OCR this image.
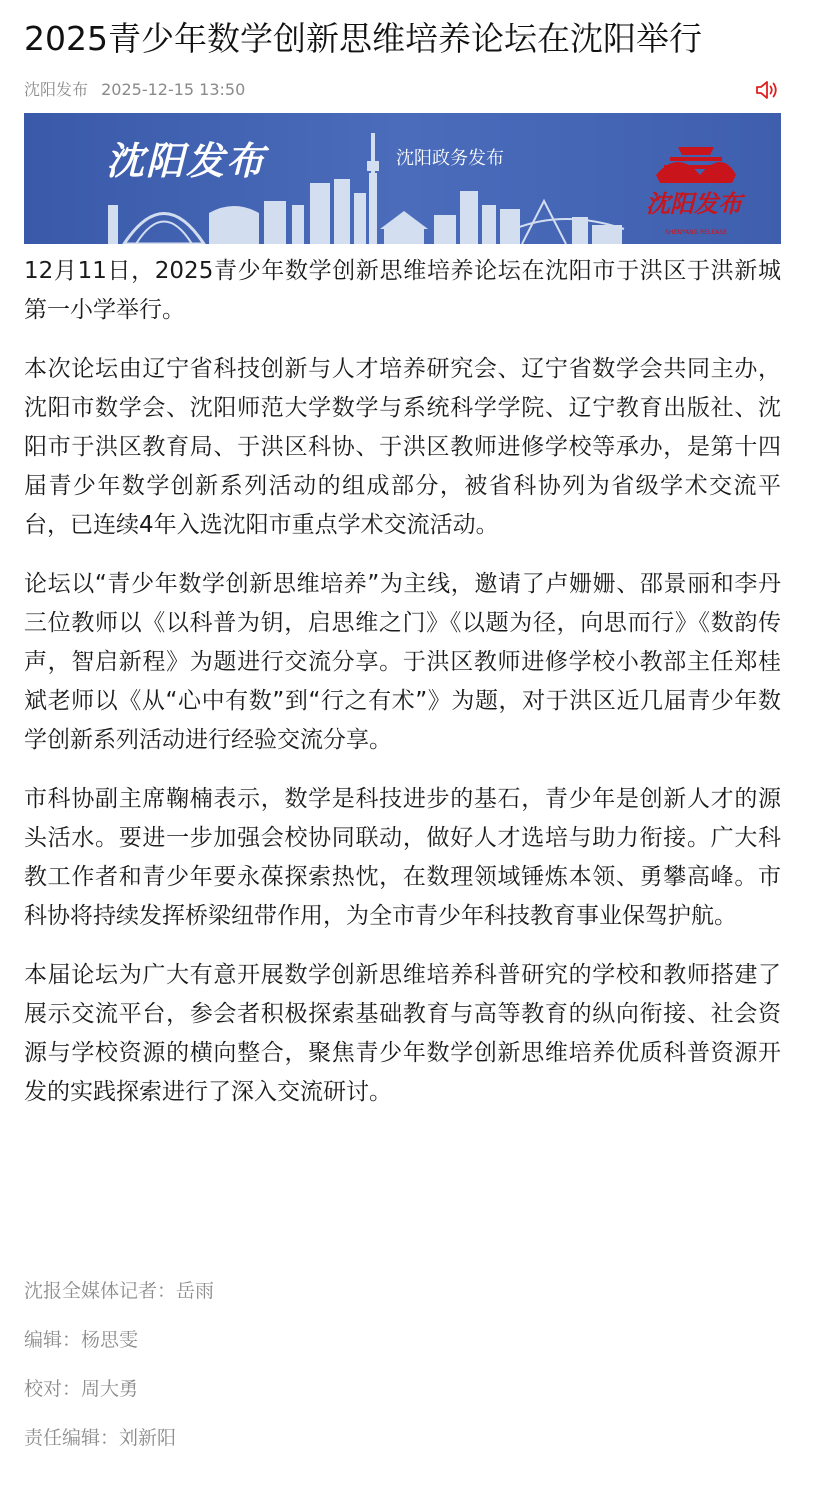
2025青少年数学创新思维培养论坛在沈阳举行
沈阳发布 2025-12-15 13:50
SHENYANG RELEASE
沈阳发布	沈阳政务发布
沈阳发布

12月11日，2025青少年数学创新思维培养论坛在沈阳市于洪区于洪新城第一小学举行。

本次论坛由辽宁省科技创新与人才培养研究会、辽宁省数学会共同主办，沈阳市数学会、沈阳师范大学数学与系统科学学院、辽宁教育出版社、沈阳市于洪区教育局、于洪区科协、于洪区教师进修学校等承办，是第十四届青少年数学创新系列活动的组成部分，被省科协列为省级学术交流平台，已连续4年入选沈阳市重点学术交流活动。

论坛以“青少年数学创新思维培养”为主线，邀请了卢姗姗、邵景丽和李丹三位教师以《以科普为钥，启思维之门》《以题为径，向思而行》《数韵传声，智启新程》为题进行交流分享。于洪区教师进修学校小教部主任郑桂斌老师以《从“心中有数”到“行之有术”》为题，对于洪区近几届青少年数学创新系列活动进行经验交流分享。

市科协副主席鞠楠表示，数学是科技进步的基石，青少年是创新人才的源头活水。要进一步加强会校协同联动，做好人才选培与助力衔接。广大科教工作者和青少年要永葆探索热忱，在数理领域锤炼本领、勇攀高峰。市科协将持续发挥桥梁纽带作用，为全市青少年科技教育事业保驾护航。

本届论坛为广大有意开展数学创新思维培养科普研究的学校和教师搭建了展示交流平台，参会者积极探索基础教育与高等教育的纵向衔接、社会资源与学校资源的横向整合，聚焦青少年数学创新思维培养优质科普资源开发的实践探索进行了深入交流研讨。

沈报全媒体记者：岳雨
编辑：杨思雯
校对：周大勇
责任编辑：刘新阳
